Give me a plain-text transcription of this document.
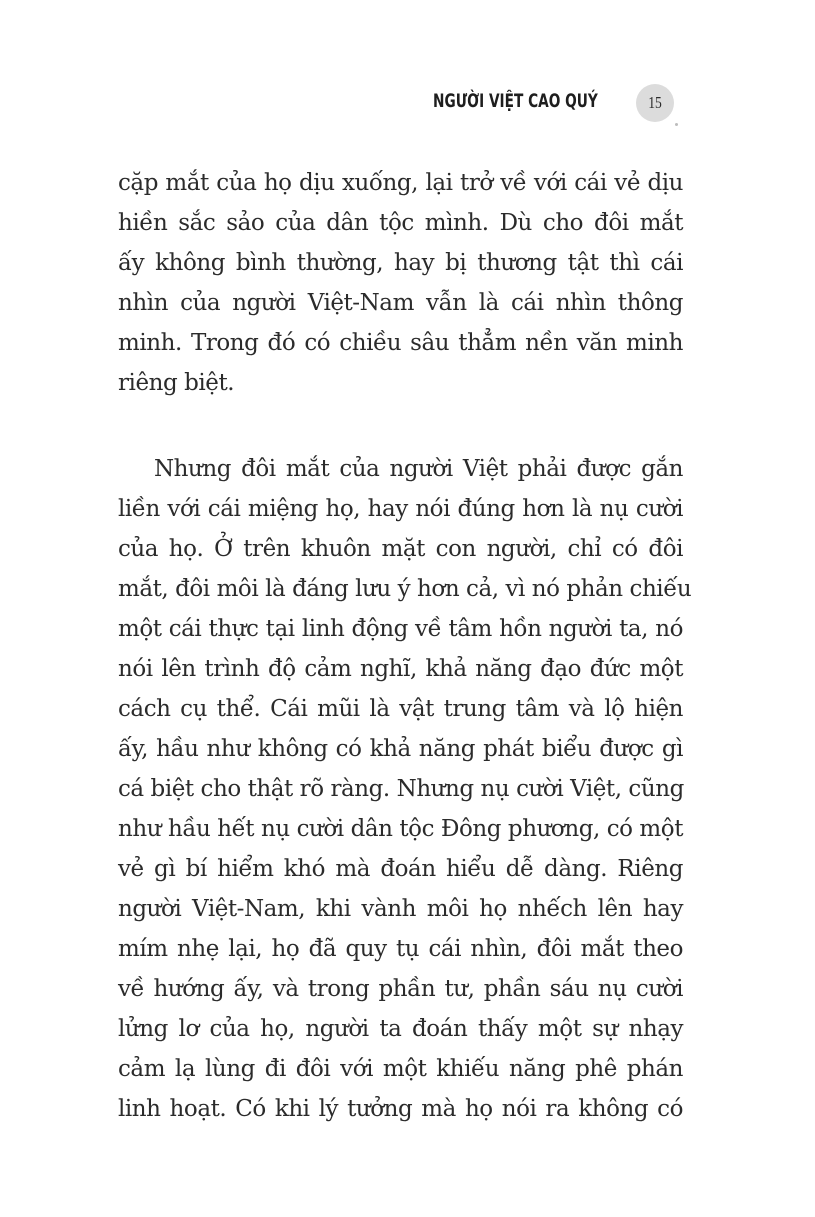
NGƯỜI VIỆT CAO QUÝ	15
cặp mắt của họ dịu xuống, lại trở về với cái vẻ dịu
hiền sắc sảo của dân tộc mình. Dù cho đôi mắt
ấy không bình thường, hay bị thương tật thì cái
nhìn của người Việt-Nam vẫn là cái nhìn thông
minh. Trong đó có chiều sâu thẳm nền văn minh
riêng biệt.
Nhưng đôi mắt của người Việt phải được gắn
liền với cái miệng họ, hay nói đúng hơn là nụ cười
của họ. Ở trên khuôn mặt con người, chỉ có đôi
mắt, đôi môi là đáng lưu ý hơn cả, vì nó phản chiếu
một cái thực tại linh động về tâm hồn người ta, nó
nói lên trình độ cảm nghĩ, khả năng đạo đức một
cách cụ thể. Cái mũi là vật trung tâm và lộ hiện
ấy, hầu như không có khả năng phát biểu được gì
cá biệt cho thật rõ ràng. Nhưng nụ cười Việt, cũng
như hầu hết nụ cười dân tộc Đông phương, có một
vẻ gì bí hiểm khó mà đoán hiểu dễ dàng. Riêng
người Việt-Nam, khi vành môi họ nhếch lên hay
mím nhẹ lại, họ đã quy tụ cái nhìn, đôi mắt theo
về hướng ấy, và trong phần tư, phần sáu nụ cười
lửng lơ của họ, người ta đoán thấy một sự nhạy
cảm lạ lùng đi đôi với một khiếu năng phê phán
linh hoạt. Có khi lý tưởng mà họ nói ra không có
